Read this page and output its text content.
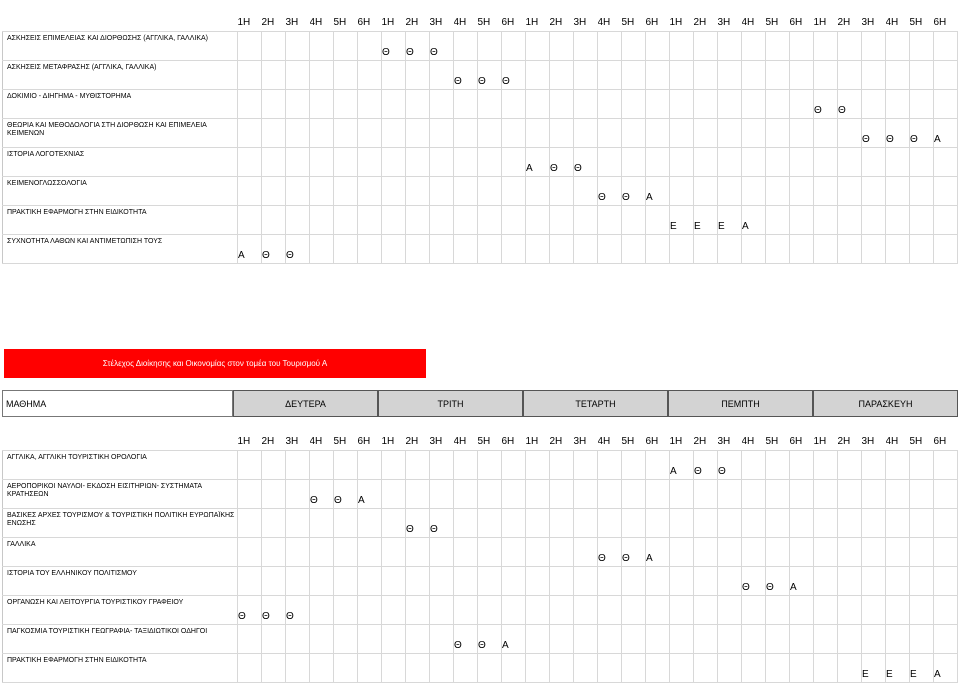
	1Η	2Η	3Η	4Η	5Η	6Η	1Η	2Η	3Η	4Η	5Η	6Η	1Η	2Η	3Η	4Η	5Η	6Η	1Η	2Η	3Η	4Η	5Η	6Η	1Η	2Η	3Η	4Η	5Η	6Η
ΑΣΚΗΣΕΙΣ ΕΠΙΜΕΛΕΙΑΣ ΚΑΙ ΔΙΟΡΘΩΣΗΣ (ΑΓΓΛΙΚΑ, ΓΑΛΛΙΚΑ)							Θ	Θ	Θ																					
ΑΣΚΗΣΕΙΣ ΜΕΤΑΦΡΑΣΗΣ (ΑΓΓΛΙΚΑ, ΓΑΛΛΙΚΑ)										Θ	Θ	Θ																		
ΔΟΚΙΜΙΟ - ΔΙΗΓΗΜΑ - ΜΥΘΙΣΤΟΡΗΜΑ																									Θ	Θ				
ΘΕΩΡΙΑ ΚΑΙ ΜΕΘΟΔΟΛΟΓΙΑ ΣΤΗ ΔΙΟΡΘΩΣΗ ΚΑΙ ΕΠΙΜΕΛΕΙΑ ΚΕΙΜΕΝΩΝ																											Θ	Θ	Θ	Α
ΙΣΤΟΡΙΑ ΛΟΓΟΤΕΧΝΙΑΣ													Α	Θ	Θ															
ΚΕΙΜΕΝΟΓΛΩΣΣΟΛΟΓΙΑ																Θ	Θ	Α												
ΠΡΑΚΤΙΚΗ ΕΦΑΡΜΟΓΗ ΣΤΗΝ ΕΙΔΙΚΟΤΗΤΑ																			Ε	Ε	Ε	Α								
ΣΥΧΝΟΤΗΤΑ ΛΑΘΩΝ ΚΑΙ ΑΝΤΙΜΕΤΩΠΙΣΗ ΤΟΥΣ	Α	Θ	Θ																											
Στέλεχος Διοίκησης και Οικονομίας στον τομέα του Τουρισμού Α
ΜΑΘΗΜΑ	ΔΕΥΤΕΡΑ	ΤΡΙΤΗ	ΤΕΤΑΡΤΗ	ΠΕΜΠΤΗ	ΠΑΡΑΣΚΕΥΗ
	1Η	2Η	3Η	4Η	5Η	6Η	1Η	2Η	3Η	4Η	5Η	6Η	1Η	2Η	3Η	4Η	5Η	6Η	1Η	2Η	3Η	4Η	5Η	6Η	1Η	2Η	3Η	4Η	5Η	6Η
ΑΓΓΛΙΚΑ, ΑΓΓΛΙΚΗ ΤΟΥΡΙΣΤΙΚΗ ΟΡΟΛΟΓΙΑ																			Α	Θ	Θ									
ΑΕΡΟΠΟΡΙΚΟΙ ΝΑΥΛΟΙ- ΕΚΔΟΣΗ ΕΙΣΙΤΗΡΙΩΝ- ΣΥΣΤΗΜΑΤΑ ΚΡΑΤΗΣΕΩΝ				Θ	Θ	Α																								
ΒΑΣΙΚΕΣ ΑΡΧΕΣ ΤΟΥΡΙΣΜΟΥ & ΤΟΥΡΙΣΤΙΚΗ ΠΟΛΙΤΙΚΗ ΕΥΡΩΠΑΪΚΗΣ ΕΝΩΣΗΣ								Θ	Θ																					
ΓΑΛΛΙΚΑ																Θ	Θ	Α												
ΙΣΤΟΡΙΑ ΤΟΥ ΕΛΛΗΝΙΚΟΥ ΠΟΛΙΤΙΣΜΟΥ																						Θ	Θ	Α						
ΟΡΓΑΝΩΣΗ ΚΑΙ ΛΕΙΤΟΥΡΓΙΑ ΤΟΥΡΙΣΤΙΚΟΥ ΓΡΑΦΕΙΟΥ	Θ	Θ	Θ																											
ΠΑΓΚΟΣΜΙΑ ΤΟΥΡΙΣΤΙΚΗ ΓΕΩΓΡΑΦΙΑ- ΤΑΞΙΔΙΩΤΙΚΟΙ ΟΔΗΓΟΙ										Θ	Θ	Α																		
ΠΡΑΚΤΙΚΗ ΕΦΑΡΜΟΓΗ ΣΤΗΝ ΕΙΔΙΚΟΤΗΤΑ																											Ε	Ε	Ε	Α
